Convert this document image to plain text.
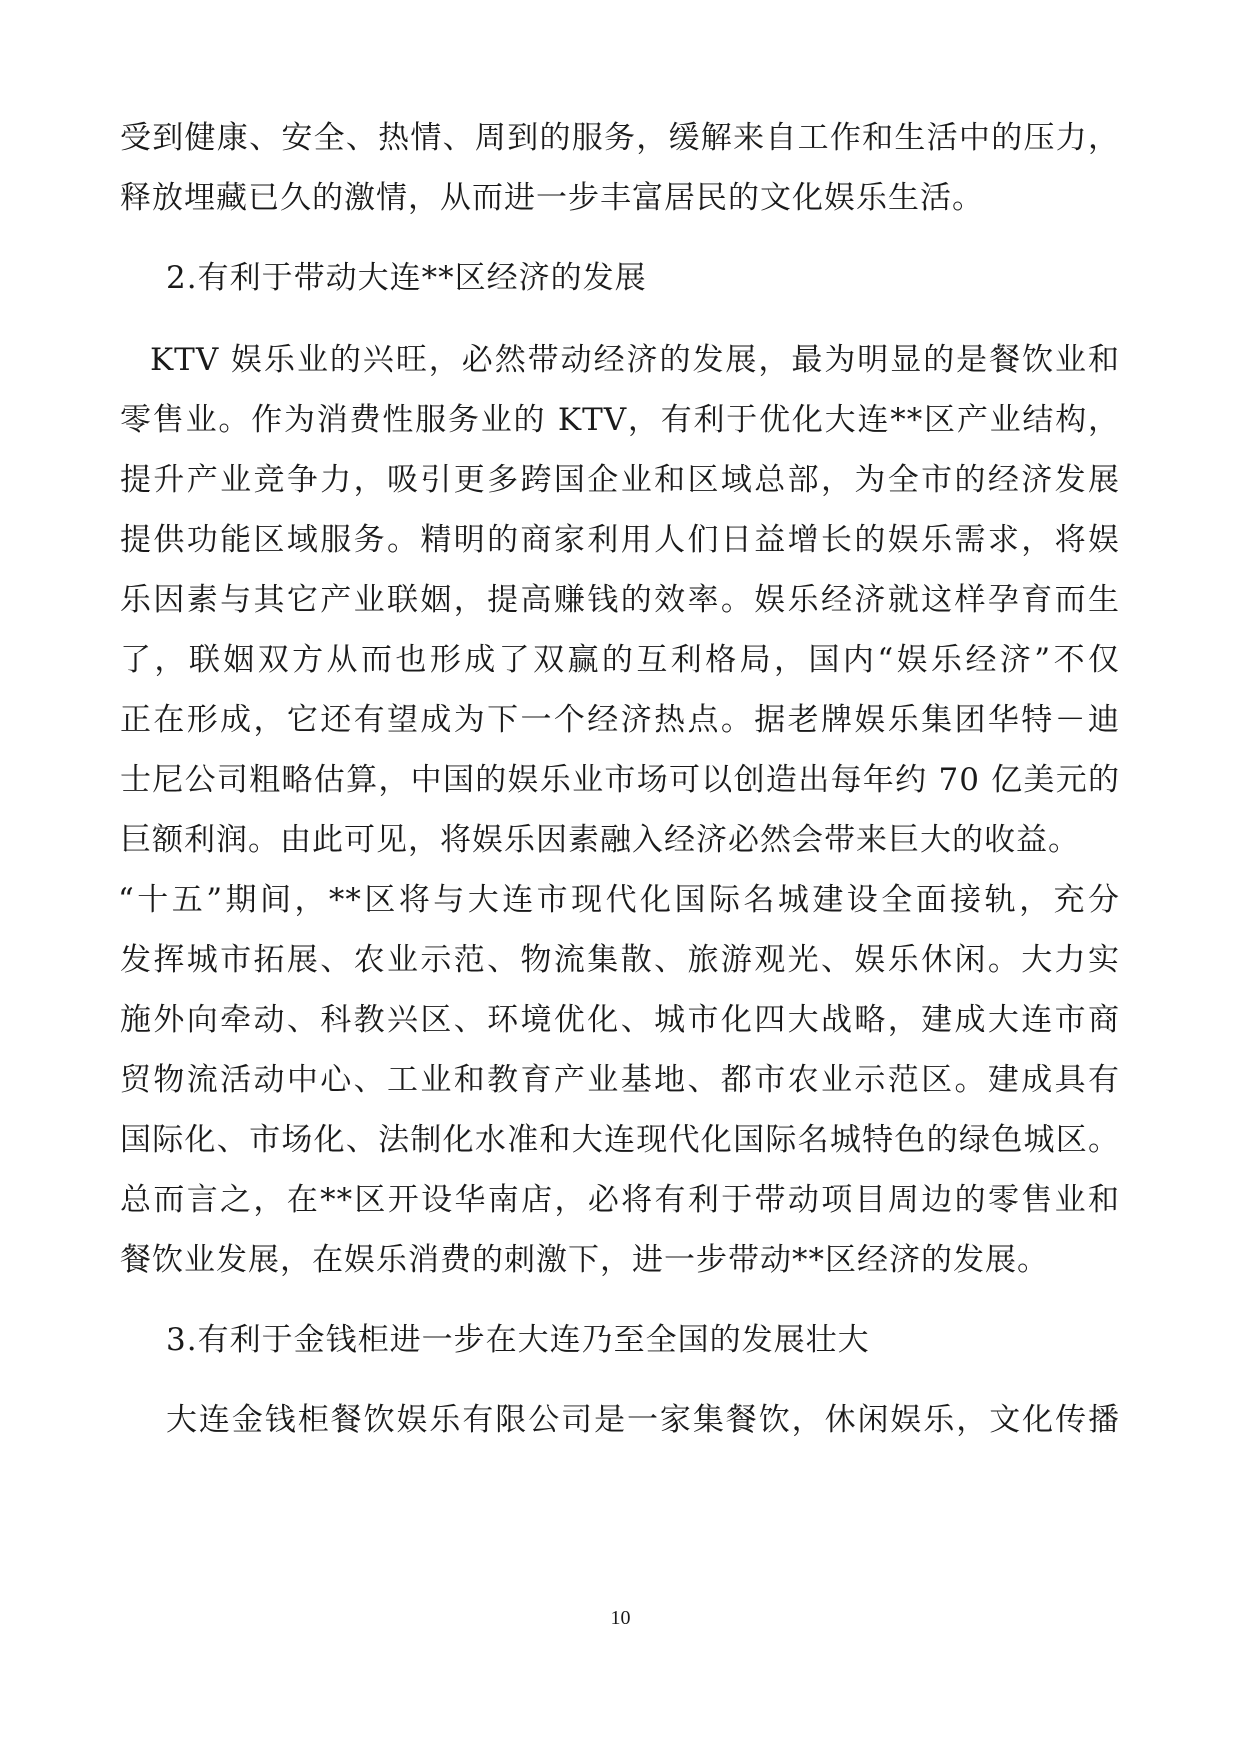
受到健康、安全、热情、周到的服务，缓解来自工作和生活中的压力，
释放埋藏已久的激情，从而进一步丰富居民的文化娱乐生活。
2.有利于带动大连**区经济的发展
KTV 娱乐业的兴旺，必然带动经济的发展，最为明显的是餐饮业和
零售业。作为消费性服务业的 KTV，有利于优化大连**区产业结构，
提升产业竞争力，吸引更多跨国企业和区域总部，为全市的经济发展
提供功能区域服务。精明的商家利用人们日益增长的娱乐需求，将娱
乐因素与其它产业联姻，提高赚钱的效率。娱乐经济就这样孕育而生
了，联姻双方从而也形成了双赢的互利格局，国内“娱乐经济”不仅
正在形成，它还有望成为下一个经济热点。据老牌娱乐集团华特－迪
士尼公司粗略估算，中国的娱乐业市场可以创造出每年约 70 亿美元的
巨额利润。由此可见，将娱乐因素融入经济必然会带来巨大的收益。
“十五”期间，**区将与大连市现代化国际名城建设全面接轨，充分
发挥城市拓展、农业示范、物流集散、旅游观光、娱乐休闲。大力实
施外向牵动、科教兴区、环境优化、城市化四大战略，建成大连市商
贸物流活动中心、工业和教育产业基地、都市农业示范区。建成具有
国际化、市场化、法制化水准和大连现代化国际名城特色的绿色城区。
总而言之，在**区开设华南店，必将有利于带动项目周边的零售业和
餐饮业发展，在娱乐消费的刺激下，进一步带动**区经济的发展。
3.有利于金钱柜进一步在大连乃至全国的发展壮大
大连金钱柜餐饮娱乐有限公司是一家集餐饮，休闲娱乐，文化传播
10
